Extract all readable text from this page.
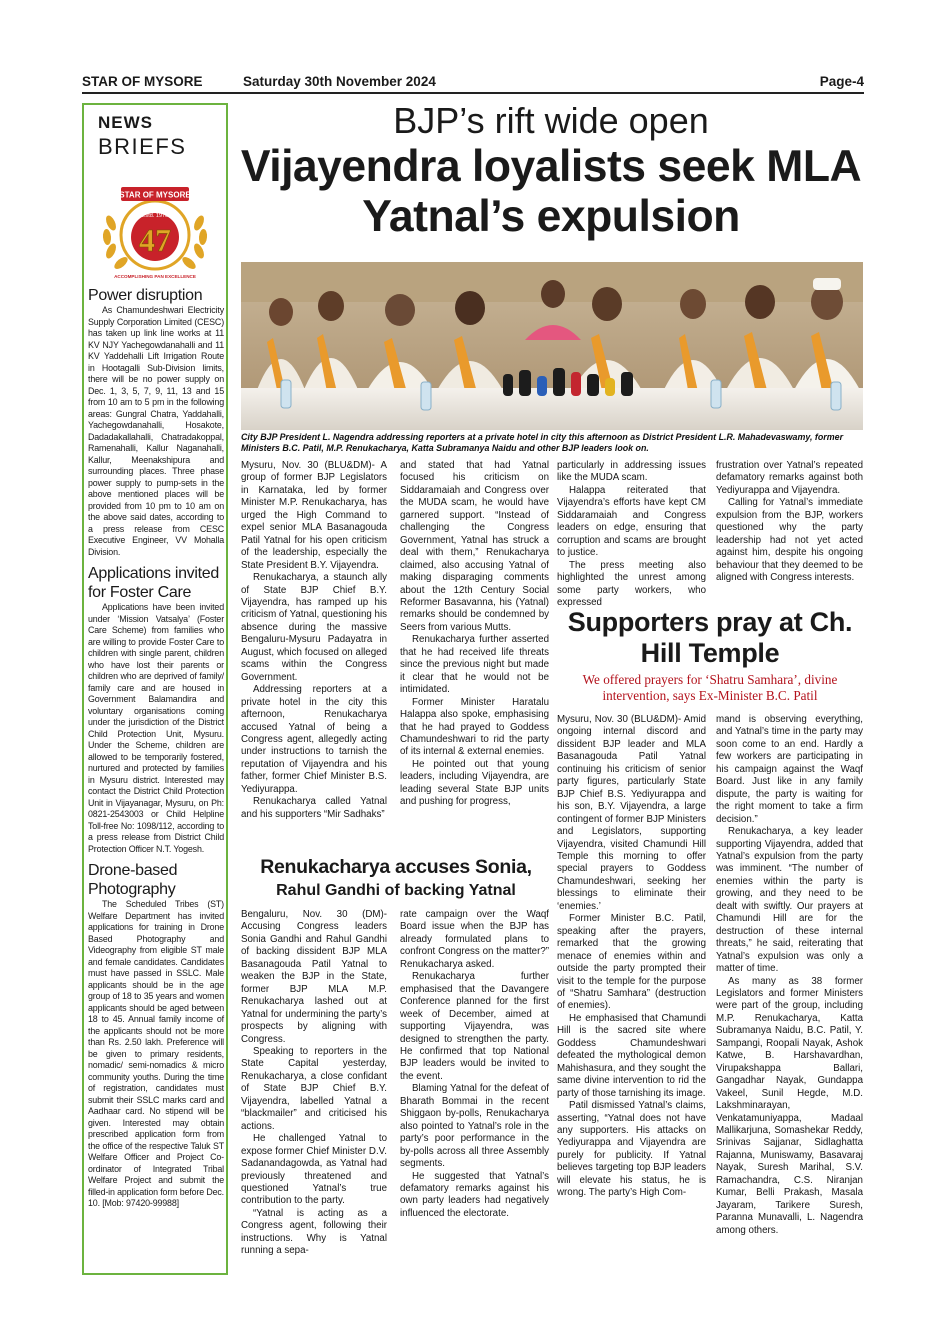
STAR OF MYSORE	Saturday 30th November 2024	Page-4
NEWS
BRIEFS
STAR OF MYSORE
Estd. 1978
47
ACCOMPLISHING PAN EXCELLENCE
Power disruption
As Chamundeshwari Electricity Supply Corporation Limited (CESC) has taken up link line works at 11 KV NJY Yachegowdanahalli and 11 KV Yaddehalli Lift Irrigation Route in Hootagalli Sub-Division limits, there will be no power supply on Dec. 1, 3, 5, 7, 9, 11, 13 and 15 from 10 am to 5 pm in the following areas: Gungral Chatra, Yaddahalli, Yachegowdanahalli, Hosakote, Dadadakallahalli, Chatradakoppal, Ramenahalli, Kallur Naganahalli, Kallur, Meenakshipura and surrounding places. Three phase power supply to pump-sets in the above mentioned places will be provided from 10 pm to 10 am on the above said dates, according to a press release from CESC Executive Engineer, VV Mohalla Division.
Applications invited for Foster Care
Applications have been invited under ‘Mission Vatsalya’ (Foster Care Scheme) from families who are willing to provide Foster Care to children with single parent, children who have lost their parents or children who are deprived of family/ family care and are housed in Government Balamandira and voluntary organisations coming under the jurisdiction of the District Child Protection Unit, Mysuru. Under the Scheme, children are allowed to be temporarily fostered, nurtured and protected by families in Mysuru district. Interested may contact the District Child Protection Unit in Vijayanagar, Mysuru, on Ph: 0821-2543003 or Child Helpline Toll-free No: 1098/112, according to a press release from District Child Protection Officer N.T. Yogesh.
Drone-based Photography
The Scheduled Tribes (ST) Welfare Department has invited applications for training in Drone Based Photography and Videography from eligible ST male and female candidates. Candidates must have passed in SSLC. Male applicants should be in the age group of 18 to 35 years and women applicants should be aged between 18 to 45. Annual family income of the applicants should not be more than Rs. 2.50 lakh. Preference will be given to primary residents, nomadic/ semi-nomadics & micro community youths. During the time of registration, candidates must submit their SSLC marks card and Aadhaar card. No stipend will be given. Interested may obtain prescribed application form from the office of the respective Taluk ST Welfare Officer and Project Co-ordinator of Integrated Tribal Welfare Project and submit the filled-in application form before Dec. 10. [Mob: 97420-99988]
BJP’s rift wide open
Vijayendra loyalists seek MLA Yatnal’s expulsion
City BJP President L. Nagendra addressing reporters at a private hotel in city this afternoon as District President L.R. Mahadevaswamy, former Ministers B.C. Patil, M.P. Renukacharya, Katta Subramanya Naidu and other BJP leaders look on.

Mysuru, Nov. 30 (BLU&DM)- A group of former BJP Legislators in Karnataka, led by former Minister M.P. Renukacharya, has urged the High Command to expel senior MLA Basanagouda Patil Yatnal for his open criticism of the leadership, especially the State President B.Y. Vijayendra.

Renukacharya, a staunch ally of State BJP Chief B.Y. Vijayendra, has ramped up his criticism of Yatnal, questioning his absence during the massive Bengaluru-Mysuru Padayatra in August, which focused on alleged scams within the Congress Government.

Addressing reporters at a private hotel in the city this afternoon, Renukacharya accused Yatnal of being a Congress agent, allegedly acting under instructions to tarnish the reputation of Vijayendra and his father, former Chief Minister B.S. Yediyurappa.

Renukacharya called Yatnal and his supporters “Mir Sadhaks”

and stated that had Yatnal focused his criticism on Siddaramaiah and Congress over the MUDA scam, he would have garnered support. “Instead of challenging the Congress Government, Yatnal has struck a deal with them,” Renukacharya claimed, also accusing Yatnal of making disparaging comments about the 12th Century Social Reformer Basavanna, his (Yatnal) remarks should be condemned by Seers from various Mutts.

Renukacharya further asserted that he had received life threats since the previous night but made it clear that he would not be intimidated.

Former Minister Haratalu Halappa also spoke, emphasising that he had prayed to Goddess Chamundeshwari to rid the party of its internal & external enemies.

He pointed out that young leaders, including Vijayendra, are leading several State BJP units and pushing for progress,

particularly in addressing issues like the MUDA scam.

Halappa reiterated that Vijayendra’s efforts have kept CM Siddaramaiah and Congress leaders on edge, ensuring that corruption and scams are brought to justice.

The press meeting also highlighted the unrest among some party workers, who expressed

frustration over Yatnal’s repeated defamatory remarks against both Yediyurappa and Vijayendra.

Calling for Yatnal’s immediate expulsion from the BJP, workers questioned why the party leadership had not yet acted against him, despite his ongoing behaviour that they deemed to be aligned with Congress interests.

Renukacharya accuses Sonia,
Rahul Gandhi of backing Yatnal

Bengaluru, Nov. 30 (DM)- Accusing Congress leaders Sonia Gandhi and Rahul Gandhi of backing dissident BJP MLA Basanagouda Patil Yatnal to weaken the BJP in the State, former BJP MLA M.P. Renukacharya lashed out at Yatnal for undermining the party’s prospects by aligning with Congress.

Speaking to reporters in the State Capital yesterday, Renukacharya, a close confidant of State BJP Chief B.Y. Vijayendra, labelled Yatnal a “blackmailer” and criticised his actions.

He challenged Yatnal to expose former Chief Minister D.V. Sadanandagowda, as Yatnal had previously threatened and questioned Yatnal’s true contribution to the party.

“Yatnal is acting as a Congress agent, following their instructions. Why is Yatnal running a sepa-

rate campaign over the Waqf Board issue when the BJP has already formulated plans to confront Congress on the matter?” Renukacharya asked.

Renukacharya further emphasised that the Davangere Conference planned for the first week of December, aimed at supporting Vijayendra, was designed to strengthen the party. He confirmed that top National BJP leaders would be invited to the event.

Blaming Yatnal for the defeat of Bharath Bommai in the recent Shiggaon by-polls, Renukacharya also pointed to Yatnal’s role in the party’s poor performance in the by-polls across all three Assembly segments.

He suggested that Yatnal’s defamatory remarks against his own party leaders had negatively influenced the electorate.

Supporters pray at Ch. Hill Temple
We offered prayers for ‘Shatru Samhara’, divine intervention, says Ex-Minister B.C. Patil

Mysuru, Nov. 30 (BLU&DM)- Amid ongoing internal discord and dissident BJP leader and MLA Basanagouda Patil Yatnal continuing his criticism of senior party figures, particularly State BJP Chief B.S. Yediyurappa and his son, B.Y. Vijayendra, a large contingent of former BJP Ministers and Legislators, supporting Vijayendra, visited Chamundi Hill Temple this morning to offer special prayers to Goddess Chamundeshwari, seeking her blessings to eliminate their ‘enemies.’

Former Minister B.C. Patil, speaking after the prayers, remarked that the growing menace of enemies within and outside the party prompted their visit to the temple for the purpose of “Shatru Samhara” (destruction of enemies).

He emphasised that Chamundi Hill is the sacred site where Goddess Chamundeshwari defeated the mythological demon Mahishasura, and they sought the same divine intervention to rid the party of those tarnishing its image.

Patil dismissed Yatnal’s claims, asserting, “Yatnal does not have any supporters. His attacks on Yediyurappa and Vijayendra are purely for publicity. If Yatnal believes targeting top BJP leaders will elevate his status, he is wrong. The party’s High Com-

mand is observing everything, and Yatnal’s time in the party may soon come to an end. Hardly a few workers are participating in his campaign against the Waqf Board. Just like in any family dispute, the party is waiting for the right moment to take a firm decision.”

Renukacharya, a key leader supporting Vijayendra, added that Yatnal’s expulsion from the party was imminent. “The number of enemies within the party is growing, and they need to be dealt with swiftly. Our prayers at Chamundi Hill are for the destruction of these internal threats,” he said, reiterating that Yatnal’s expulsion was only a matter of time.

As many as 38 former Legislators and former Ministers were part of the group, including M.P. Renukacharya, Katta Subramanya Naidu, B.C. Patil, Y. Sampangi, Roopali Nayak, Ashok Katwe, B. Harshavardhan, Virupakshappa Ballari, Gangadhar Nayak, Gundappa Vakeel, Sunil Hegde, M.D. Lakshminarayan, Venkatamuniyappa, Madaal Mallikarjuna, Somashekar Reddy, Srinivas Sajjanar, Sidlaghatta Rajanna, Muniswamy, Basavaraj Nayak, Suresh Marihal, S.V. Ramachandra, C.S. Niranjan Kumar, Belli Prakash, Masala Jayaram, Tarikere Suresh, Paranna Munavalli, L. Nagendra among others.
